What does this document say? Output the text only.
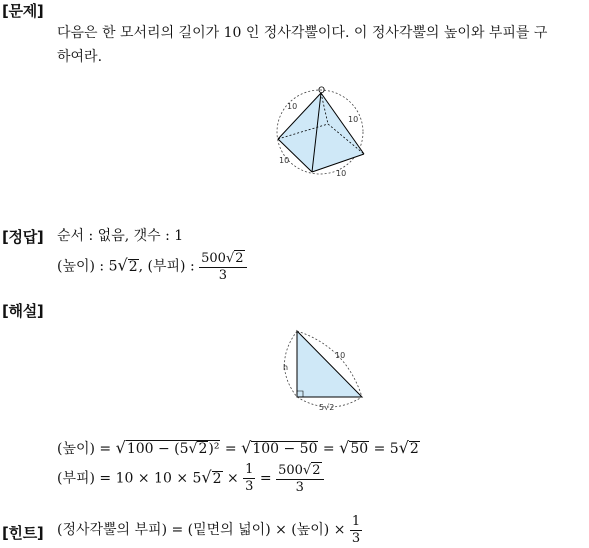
[문제]
다음은 한 모서리의 길이가 10 인 정사각뿔이다. 이 정사각뿔의 높이와 부피를 구
하여라.
O
10
10
10
10
[정답] 순서 : 없음, 갯수 : 1
(높이) : 5√2, (부피) : $\frac{500√2}{3}$
[해설]
10
h
5√2
(높이) = √100 − (5√2)² = √100 − 50 = √50 = 5√2
(부피) = $10 \times 10 \times 5√2 \times \frac{1}{3} = \frac{500√2}{3}$
[힌트] (정사각뿔의 부피) = (밑면의 넓이) × (높이) × $\frac{1}{3}$
